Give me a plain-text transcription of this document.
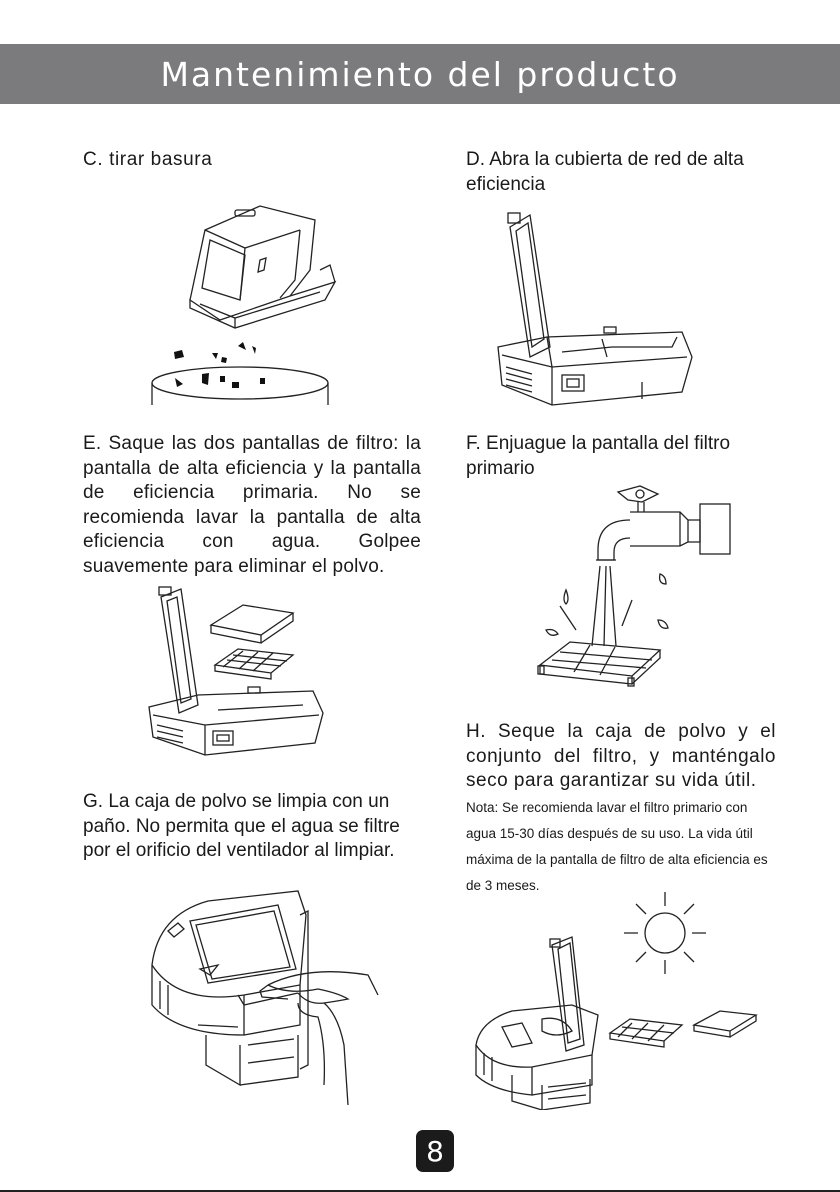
Mantenimiento del producto

C. tirar basura	D. Abra la cubierta de red de alta eficiencia

E. Saque las dos pantallas de filtro: la pantalla de alta eficiencia y la pantalla de eficiencia primaria. No se recomienda lavar la pantalla de alta eficiencia con agua. Golpee suavemente para eliminar el polvo.

F. Enjuague la pantalla del filtro primario

G. La caja de polvo se limpia con un paño. No permita que el agua se filtre por el orificio del ventilador al limpiar.

H. Seque la caja de polvo y el conjunto del filtro, y manténgalo seco para garantizar su vida útil.

Nota: Se recomienda lavar el filtro primario con agua 15-30 días después de su uso. La vida útil máxima de la pantalla de filtro de alta eficiencia es de 3 meses.

8
